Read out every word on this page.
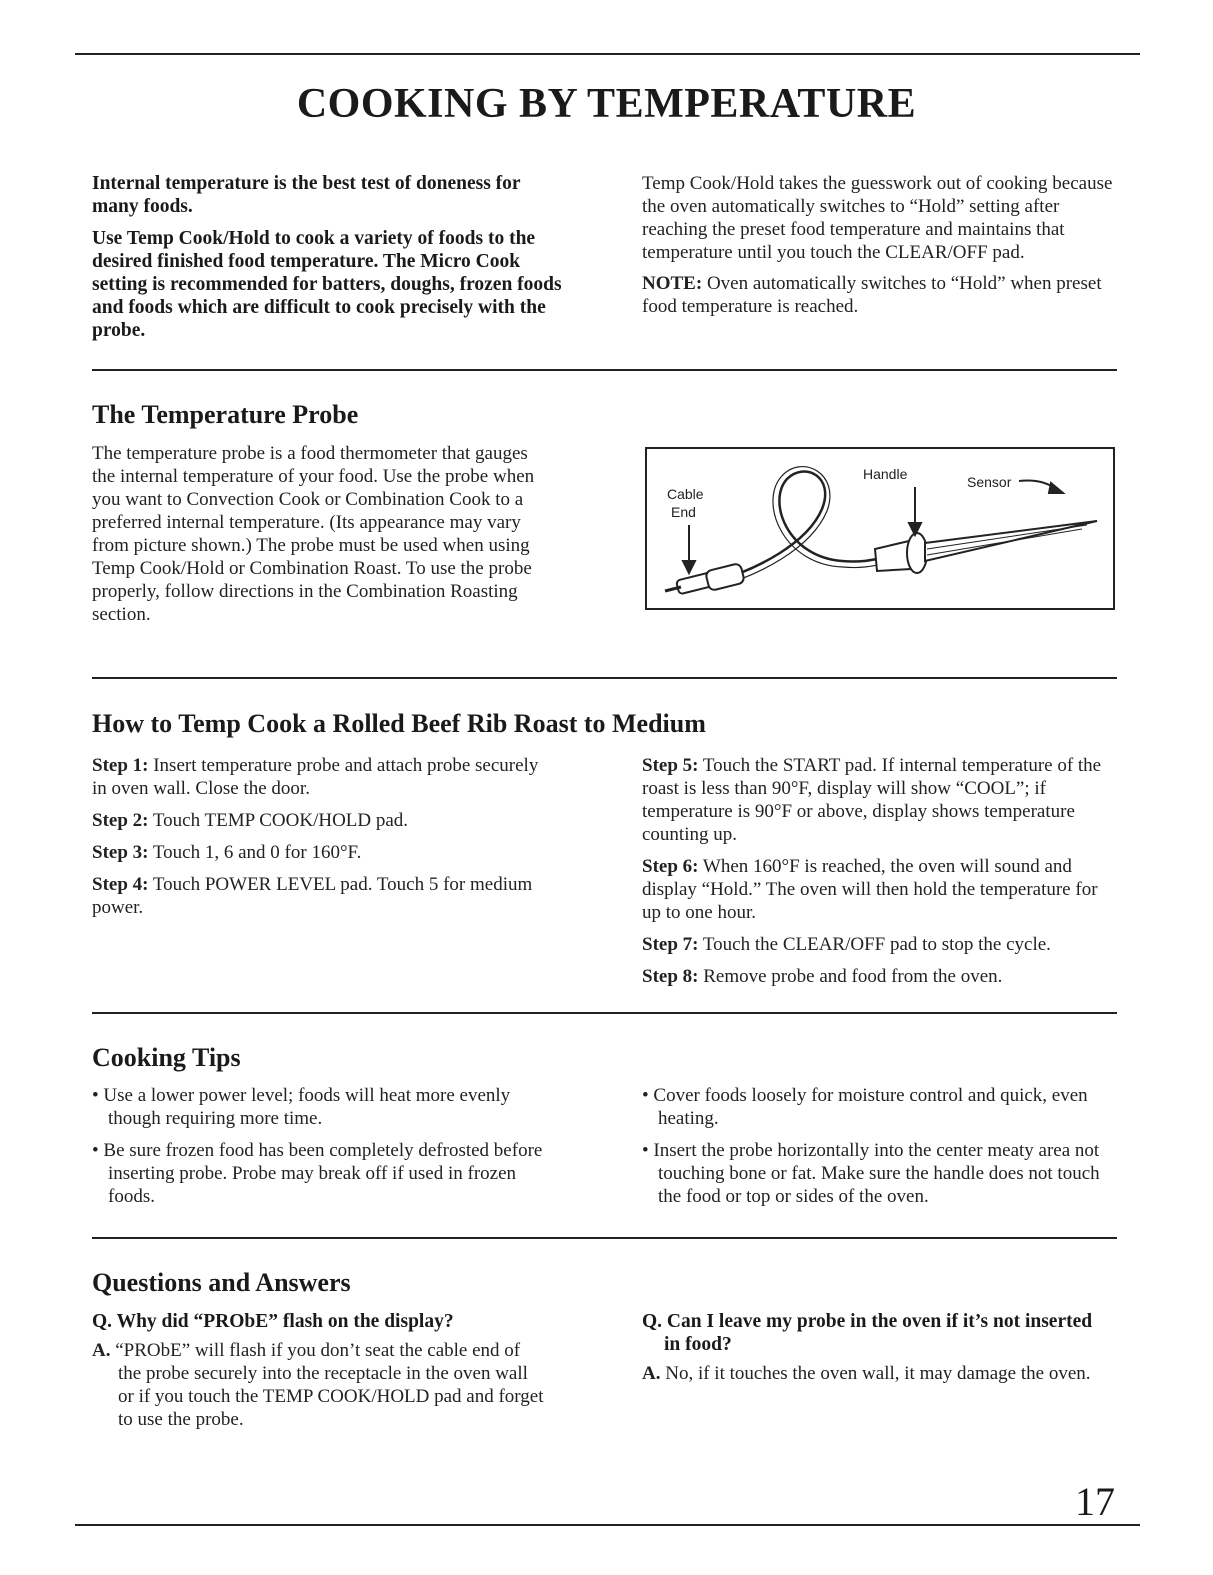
COOKING BY TEMPERATURE

Internal temperature is the best test of doneness for many foods.

Use Temp Cook/Hold to cook a variety of foods to the desired finished food temperature. The Micro Cook setting is recommended for batters, doughs, frozen foods and foods which are difficult to cook precisely with the probe.

Temp Cook/Hold takes the guesswork out of cooking because the oven automatically switches to “Hold” setting after reaching the preset food temperature and maintains that temperature until you touch the CLEAR/OFF pad.

NOTE: Oven automatically switches to “Hold” when preset food temperature is reached.

The Temperature Probe

The temperature probe is a food thermometer that gauges the internal temperature of your food. Use the probe when you want to Convection Cook or Combination Cook to a preferred internal temperature. (Its appearance may vary from picture shown.) The probe must be used when using Temp Cook/Hold or Combination Roast. To use the probe properly, follow directions in the Combination Roasting section.

Cable
End
Handle	Sensor
How to Temp Cook a Rolled Beef Rib Roast to Medium

Step 1: Insert temperature probe and attach probe securely in oven wall. Close the door.

Step 2: Touch TEMP COOK/HOLD pad.

Step 3: Touch 1, 6 and 0 for 160°F.

Step 4: Touch POWER LEVEL pad. Touch 5 for medium power.

Step 5: Touch the START pad. If internal temperature of the roast is less than 90°F, display will show “COOL”; if temperature is 90°F or above, display shows temperature counting up.

Step 6: When 160°F is reached, the oven will sound and display “Hold.” The oven will then hold the temperature for up to one hour.

Step 7: Touch the CLEAR/OFF pad to stop the cycle.

Step 8: Remove probe and food from the oven.

Cooking Tips

• Use a lower power level; foods will heat more evenly though requiring more time.

• Be sure frozen food has been completely defrosted before inserting probe. Probe may break off if used in frozen foods.

• Cover foods loosely for moisture control and quick, even heating.

• Insert the probe horizontally into the center meaty area not touching bone or fat. Make sure the handle does not touch the food or top or sides of the oven.

Questions and Answers

Q. Why did “PRObE” flash on the display?

A. “PRObE” will flash if you don’t seat the cable end of the probe securely into the receptacle in the oven wall or if you touch the TEMP COOK/HOLD pad and forget to use the probe.

Q. Can I leave my probe in the oven if it’s not inserted in food?

A. No, if it touches the oven wall, it may damage the oven.

17
